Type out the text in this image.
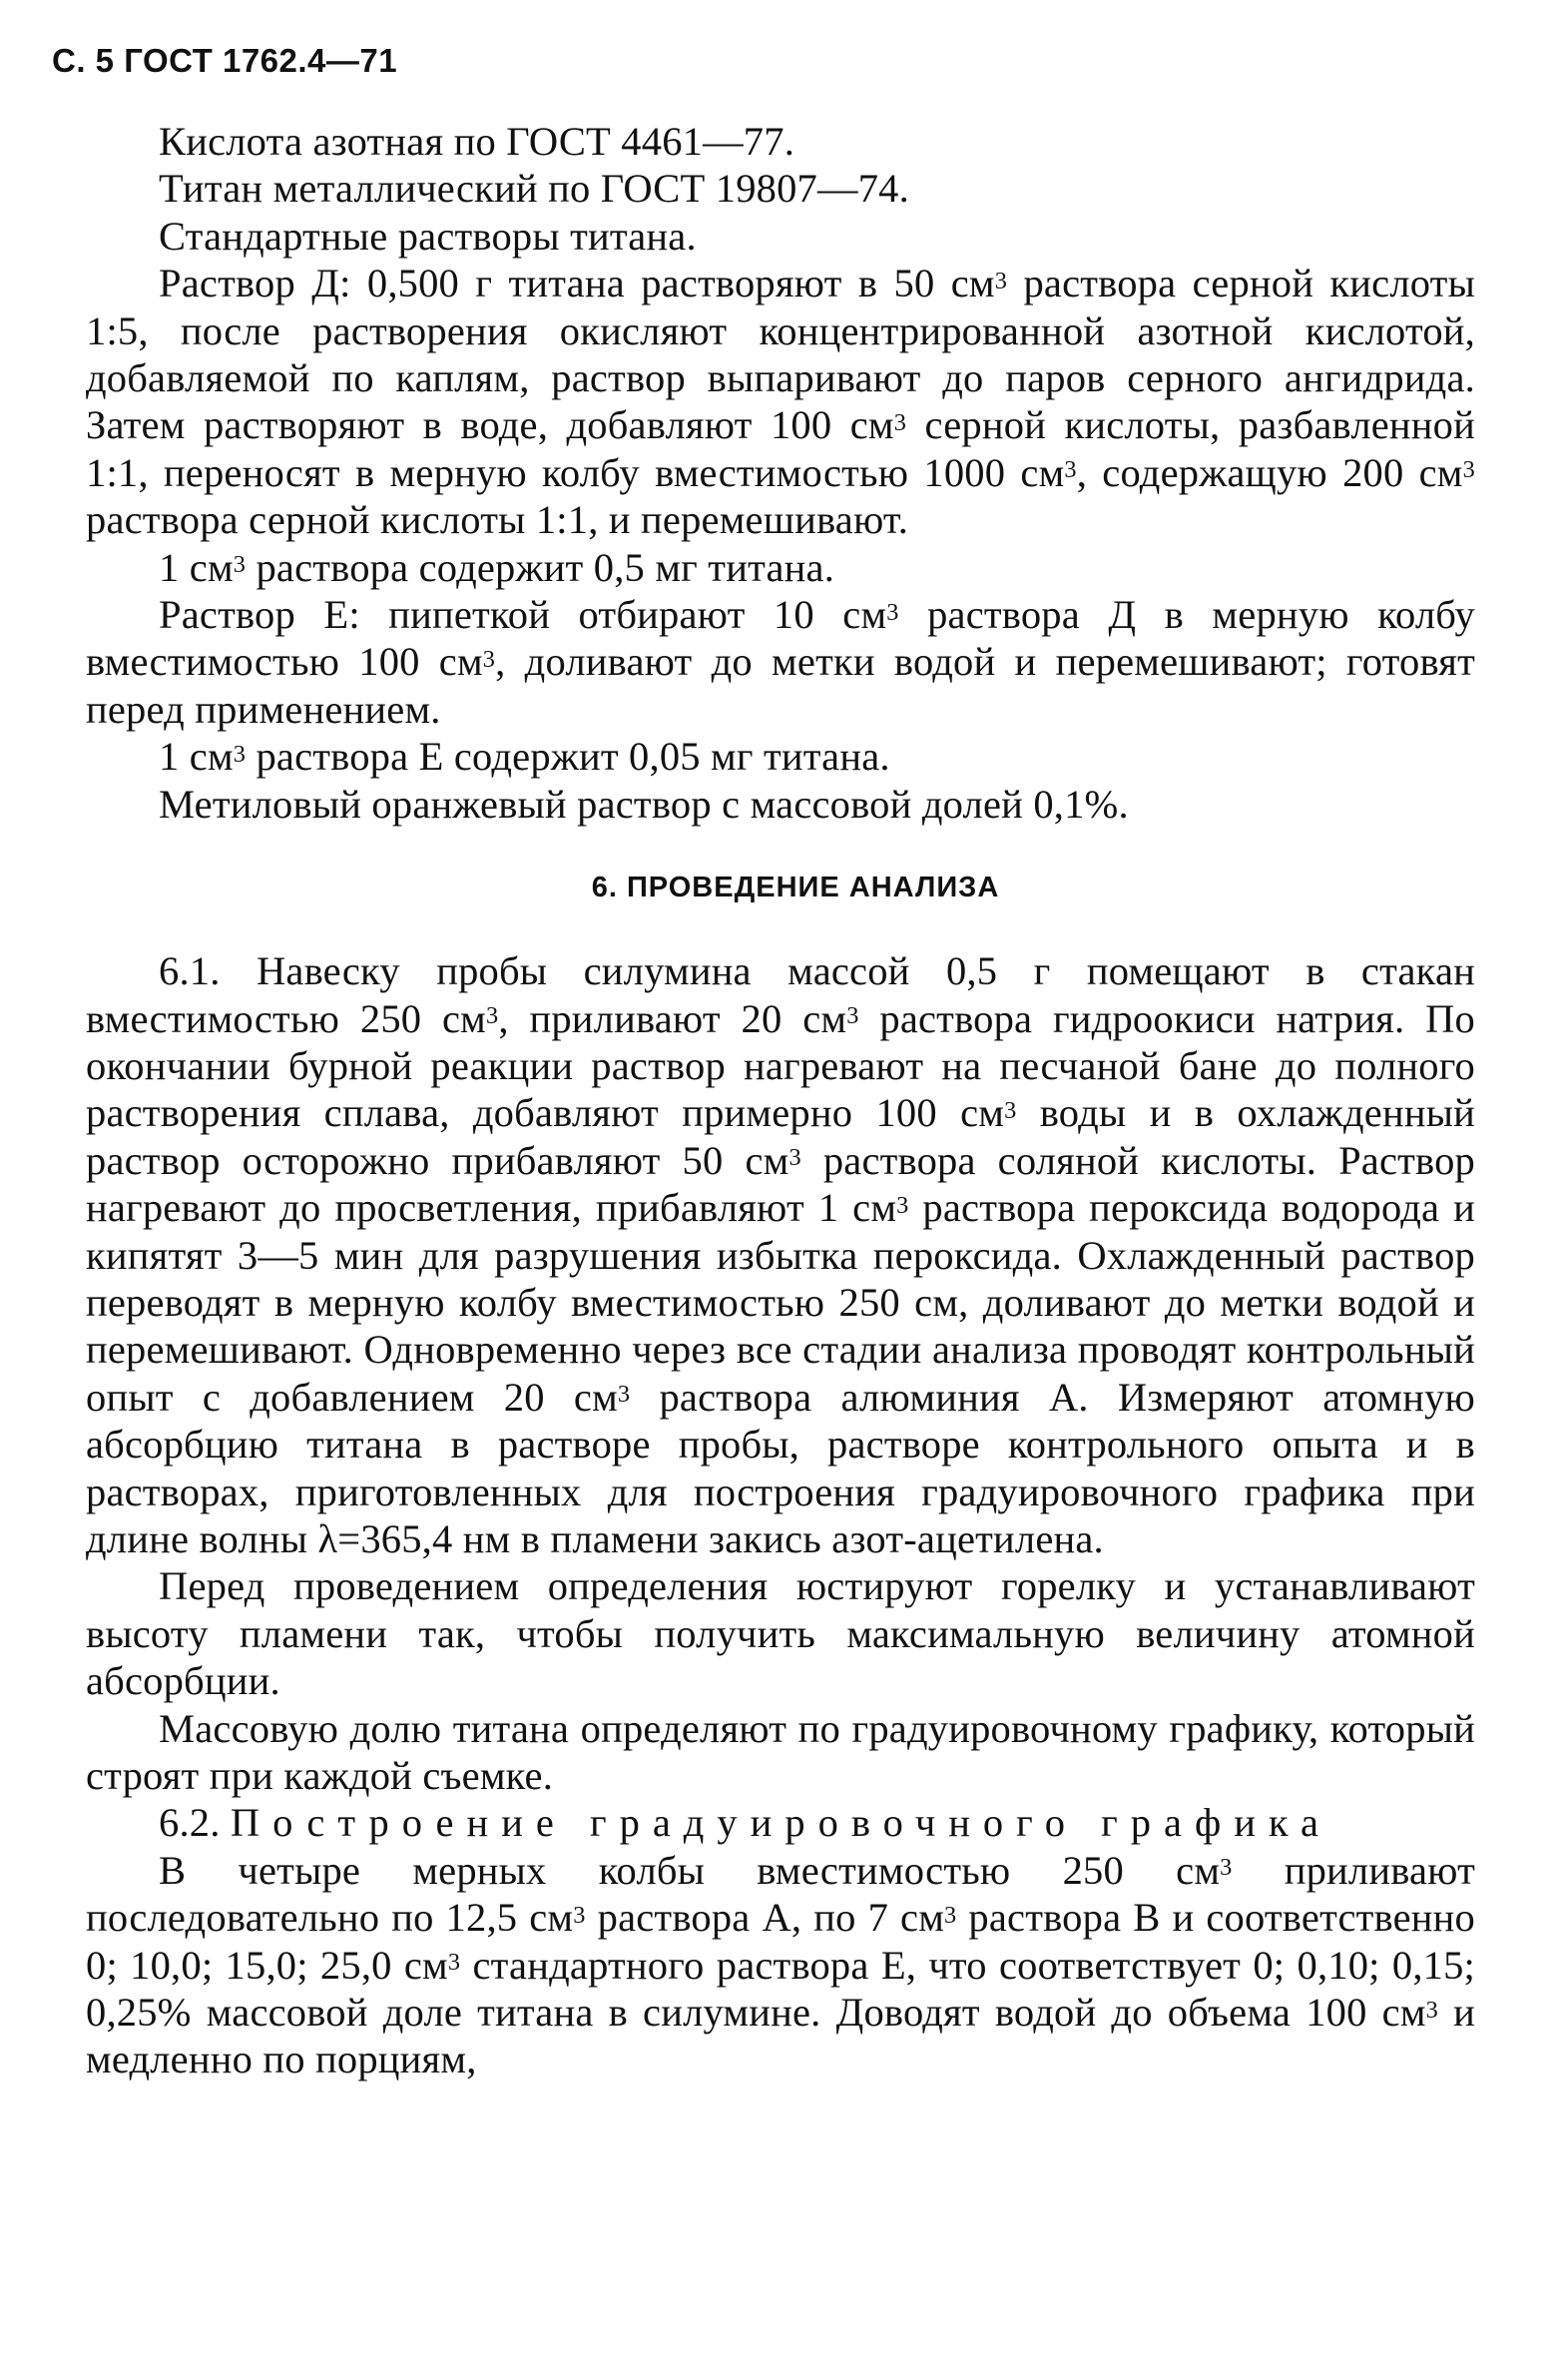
С. 5 ГОСТ 1762.4—71

Кислота азотная по ГОСТ 4461—77.

Титан металлический по ГОСТ 19807—74.

Стандартные растворы титана.

Раствор Д: 0,500 г титана растворяют в 50 $см^3$ раствора серной кислоты 1:5, после растворения окисляют концентрированной азотной кислотой, добавляемой по каплям, раствор выпаривают до паров серного ангидрида. Затем растворяют в воде, добавляют 100 $см^3$ серной кислоты, разбавленной 1:1, переносят в мерную колбу вместимостью 1000 $см^3$, содержащую 200 $см^3$ раствора серной кислоты 1:1, и перемешивают.

1 $см^3$ раствора содержит 0,5 мг титана.

Раствор Е: пипеткой отбирают 10 $см^3$ раствора Д в мерную колбу вместимостью 100 $см^3$, доливают до метки водой и перемешивают; готовят перед применением.

1 $см^3$ раствора Е содержит 0,05 мг титана.

Метиловый оранжевый раствор с массовой долей 0,1%.

6. ПРОВЕДЕНИЕ АНАЛИЗА

6.1. Навеску пробы силумина массой 0,5 г помещают в стакан вместимостью 250 $см^3$, приливают 20 $см^3$ раствора гидроокиси натрия. По окончании бурной реакции раствор нагревают на песчаной бане до полного растворения сплава, добавляют примерно 100 $см^3$ воды и в охлажденный раствор осторожно прибавляют 50 $см^3$ раствора соляной кислоты. Раствор нагревают до просветления, прибавляют 1 $см^3$ раствора пероксида водорода и кипятят 3—5 мин для разрушения избытка пероксида. Охлажденный раствор переводят в мерную колбу вместимостью 250 см, доливают до метки водой и перемешивают. Одновременно через все стадии анализа проводят контрольный опыт с добавлением 20 $см^3$ раствора алюминия А. Измеряют атомную абсорбцию титана в растворе пробы, растворе контрольного опыта и в растворах, приготовленных для построения градуировочного графика при длине волны λ=365,4 нм в пламени закись азот-ацетилена.

Перед проведением определения юстируют горелку и устанавливают высоту пламени так, чтобы получить максимальную величину атомной абсорбции.

Массовую долю титана определяют по градуировочному графику, который строят при каждой съемке.

6.2. Построение градуировочного графика

В четыре мерных колбы вместимостью 250 $см^3$ приливают последовательно по 12,5 $см^3$ раствора А, по 7 $см^3$ раствора В и соответственно 0; 10,0; 15,0; 25,0 $см^3$ стандартного раствора Е, что соответствует 0; 0,10; 0,15; 0,25% массовой доле титана в силумине. Доводят водой до объема 100 $см^3$ и медленно по порциям,
